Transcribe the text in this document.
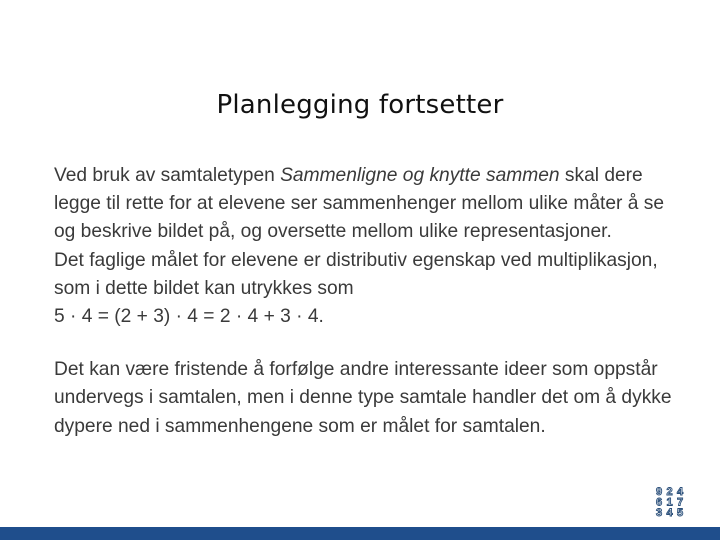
Planlegging fortsetter

Ved bruk av samtaletypen Sammenligne og knytte sammen skal dere legge til rette for at elevene ser sammenhenger mellom ulike måter å se og beskrive bildet på, og oversette mellom ulike representasjoner.

Det faglige målet for elevene er distributiv egenskap ved multiplikasjon, som i dette bildet kan utrykkes som

5 · 4 = (2 + 3) · 4 = 2 · 4 + 3 · 4.

Det kan være fristende å forfølge andre interessante ideer som oppstår undervegs i samtalen, men i denne type samtale handler det om å dykke dypere ned i sammenhengene som er målet for samtalen.

9 2 4
6 1 7
3 4 5
